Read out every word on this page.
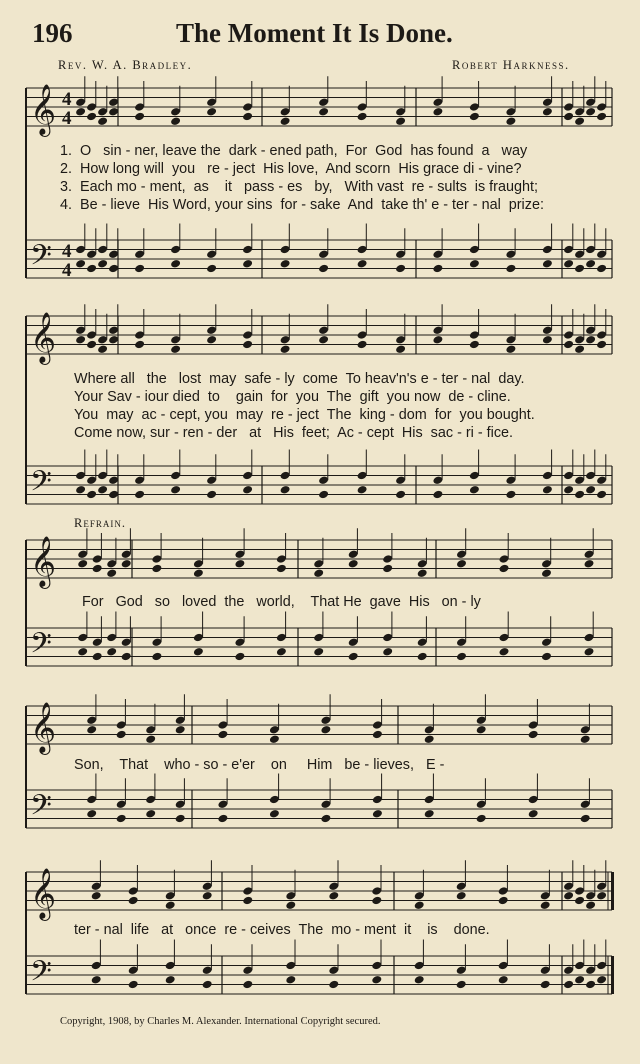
196	The Moment It Is Done.
Rev. W. A. Bradley.	Robert Harkness.
𝄞
𝄢
4
4
4
4
𝄞
𝄢
𝄞
𝄢
𝄞
𝄢
𝄞
𝄢
1.  O   sin - ner, leave the  dark - ened path,  For  God  has found  a   way
2.  How long will  you   re - ject  His love,  And scorn  His grace di - vine?
3.  Each mo - ment,  as    it   pass - es   by,   With vast  re - sults  is fraught;
4.  Be - lieve  His Word, your sins  for - sake  And  take th' e - ter - nal  prize:
Where all   the   lost  may  safe - ly  come  To heav'n's e - ter - nal  day.
Your Sav - iour died  to    gain  for  you  The  gift  you now  de - cline.
You  may  ac - cept, you  may  re - ject  The  king - dom  for  you bought.
Come now, sur - ren - der   at   His  feet;  Ac - cept  His  sac - ri - fice.
Refrain.
For   God   so   loved  the   world,    That He  gave  His   on - ly
Son,    That    who - so - e'er    on     Him   be - lieves,   E -
ter - nal  life   at   once  re - ceives  The  mo - ment  it    is    done.
Copyright, 1908, by Charles M. Alexander. International Copyright secured.
